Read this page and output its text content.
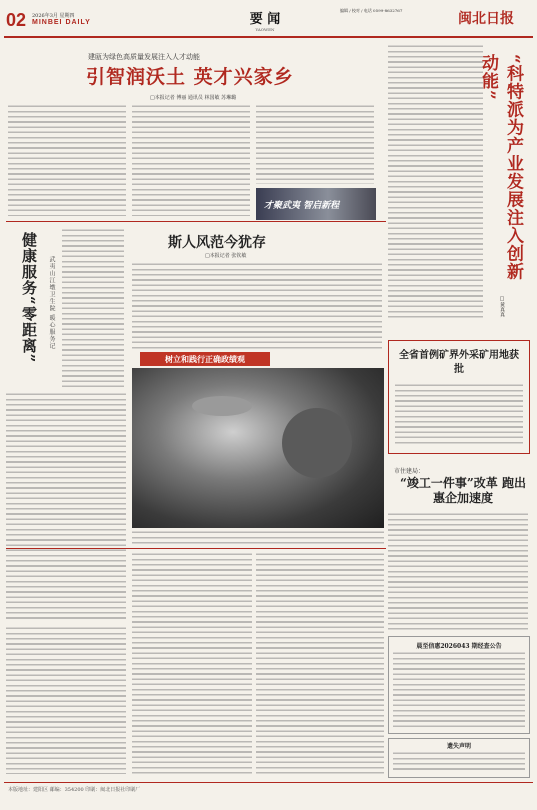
02 2026年3月 星期四
MINBEI DAILY	要 闻
YAOWEN
编辑 / 校对 / 电话 0599-8632767
闽北日报
建瓯为绿色高质量发展注入人才动能
引智润沃土 英才兴家乡
□本报记者 傅丽 通讯员 林国敏 苏琳璐
才聚武夷 智启新程	“科特派为产业发展注入创新动能”
□黄真真
健康服务“零距离”	武夷山江墩卫生院 暖心服务记
斯人风范今犹存
□本报记者 张钦敏
树立和践行正确政绩观	全省首例矿界外采矿用地获批
市住建局：
“竣工一件事”改革 跑出惠企加速度
晨至信惠2026043 期经查公告
遗失声明
本版地址：建阳区 邮编：354200 印刷：闽北日报社印刷厂
